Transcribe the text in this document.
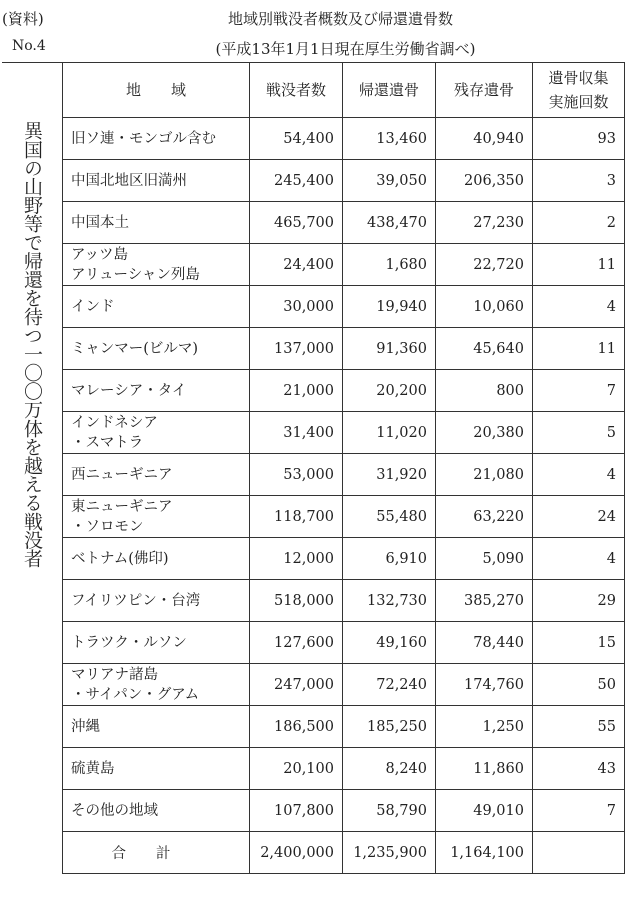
(資料)
No.4
地域別戦没者概数及び帰還遺骨数
(平成13年1月1日現在厚生労働省調べ)
異国の山野等で帰還を待つ一〇〇万体を越える戦没者
地　　域	戦没者数	帰還遺骨	残存遺骨	遺骨収集
実施回数
旧ソ連・モンゴル含む	54,400	13,460	40,940	93
中国北地区旧満州	245,400	39,050	206,350	3
中国本土	465,700	438,470	27,230	2
アッツ島
アリューシャン列島	24,400	1,680	22,720	11
インド	30,000	19,940	10,060	4
ミャンマー(ビルマ)	137,000	91,360	45,640	11
マレーシア・タイ	21,000	20,200	800	7
インドネシア
・スマトラ	31,400	11,020	20,380	5
西ニューギニア	53,000	31,920	21,080	4
東ニューギニア
・ソロモン	118,700	55,480	63,220	24
ベトナム(佛印)	12,000	6,910	5,090	4
フイリツピン・台湾	518,000	132,730	385,270	29
トラツク・ルソン	127,600	49,160	78,440	15
マリアナ諸島
・サイパン・グアム	247,000	72,240	174,760	50
沖縄	186,500	185,250	1,250	55
硫黄島	20,100	8,240	11,860	43
その他の地域	107,800	58,790	49,010	7
合計	2,400,000	1,235,900	1,164,100	
